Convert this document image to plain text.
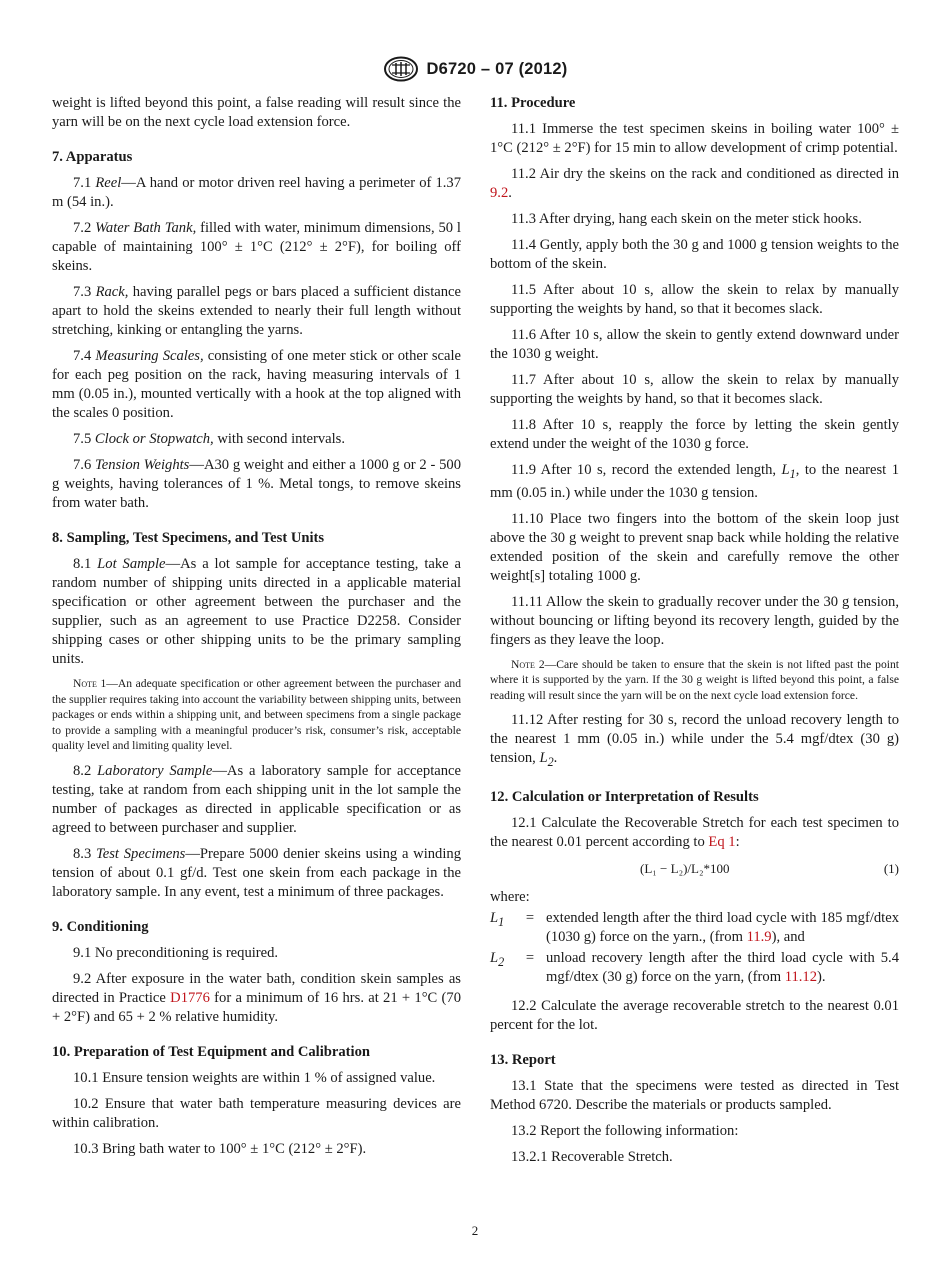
D6720 – 07 (2012)

weight is lifted beyond this point, a false reading will result since the yarn will be on the next cycle load extension force.

7. Apparatus

7.1 Reel—A hand or motor driven reel having a perimeter of 1.37 m (54 in.).

7.2 Water Bath Tank, filled with water, minimum dimensions, 50 l capable of maintaining 100° ± 1°C (212° ± 2°F), for boiling off skeins.

7.3 Rack, having parallel pegs or bars placed a sufficient distance apart to hold the skeins extended to nearly their full length without stretching, kinking or entangling the yarns.

7.4 Measuring Scales, consisting of one meter stick or other scale for each peg position on the rack, having measuring intervals of 1 mm (0.05 in.), mounted vertically with a hook at the top aligned with the scales 0 position.

7.5 Clock or Stopwatch, with second intervals.

7.6 Tension Weights—A30 g weight and either a 1000 g or 2 - 500 g weights, having tolerances of 1 %. Metal tongs, to remove skeins from water bath.

8. Sampling, Test Specimens, and Test Units

8.1 Lot Sample—As a lot sample for acceptance testing, take a random number of shipping units directed in a applicable material specification or other agreement between the purchaser and the supplier, such as an agreement to use Practice D2258. Consider shipping cases or other shipping units to be the primary sampling units.

Note 1—An adequate specification or other agreement between the purchaser and the supplier requires taking into account the variability between shipping units, between packages or ends within a shipping unit, and between specimens from a single package to provide a sampling with a meaningful producer’s risk, consumer’s risk, acceptable quality level and limiting quality level.

8.2 Laboratory Sample—As a laboratory sample for acceptance testing, take at random from each shipping unit in the lot sample the number of packages as directed in applicable specification or as agreed to between purchaser and supplier.

8.3 Test Specimens—Prepare 5000 denier skeins using a winding tension of about 0.1 gf/d. Test one skein from each package in the laboratory sample. In any event, test a minimum of three packages.

9. Conditioning

9.1 No preconditioning is required.

9.2 After exposure in the water bath, condition skein samples as directed in Practice D1776 for a minimum of 16 hrs. at 21 + 1°C (70 + 2°F) and 65 + 2 % relative humidity.

10. Preparation of Test Equipment and Calibration

10.1 Ensure tension weights are within 1 % of assigned value.

10.2 Ensure that water bath temperature measuring devices are within calibration.

10.3 Bring bath water to 100° ± 1°C (212° ± 2°F).

11. Procedure

11.1 Immerse the test specimen skeins in boiling water 100° ± 1°C (212° ± 2°F) for 15 min to allow development of crimp potential.

11.2 Air dry the skeins on the rack and conditioned as directed in 9.2.

11.3 After drying, hang each skein on the meter stick hooks.

11.4 Gently, apply both the 30 g and 1000 g tension weights to the bottom of the skein.

11.5 After about 10 s, allow the skein to relax by manually supporting the weights by hand, so that it becomes slack.

11.6 After 10 s, allow the skein to gently extend downward under the 1030 g weight.

11.7 After about 10 s, allow the skein to relax by manually supporting the weights by hand, so that it becomes slack.

11.8 After 10 s, reapply the force by letting the skein gently extend under the weight of the 1030 g force.

11.9 After 10 s, record the extended length, $L_1$, to the nearest 1 mm (0.05 in.) while under the 1030 g tension.

11.10 Place two fingers into the bottom of the skein loop just above the 30 g weight to prevent snap back while holding the relative extended position of the skein and carefully remove the other weight[s] totaling 1000 g.

11.11 Allow the skein to gradually recover under the 30 g tension, without bouncing or lifting beyond its recovery length, guided by the fingers as they leave the loop.

Note 2—Care should be taken to ensure that the skein is not lifted past the point where it is supported by the yarn. If the 30 g weight is lifted beyond this point, a false reading will result since the yarn will be on the next cycle load extension force.

11.12 After resting for 30 s, record the unload recovery length to the nearest 1 mm (0.05 in.) while under the 5.4 mgf/dtex (30 g) tension, $L_2$.

12. Calculation or Interpretation of Results

12.1 Calculate the Recoverable Stretch for each test specimen to the nearest 0.01 percent according to Eq 1:

(L₁ − L₂)/L₂*100	(1)

where:

$L_1$	= extended length after the third load cycle with 185 mgf/dtex (1030 g) force on the yarn., (from 11.9), and
$L_2$	= unload recovery length after the third load cycle with 5.4 mgf/dtex (30 g) force on the yarn, (from 11.12).

12.2 Calculate the average recoverable stretch to the nearest 0.01 percent for the lot.

13. Report

13.1 State that the specimens were tested as directed in Test Method 6720. Describe the materials or products sampled.

13.2 Report the following information:

13.2.1 Recoverable Stretch.

2
